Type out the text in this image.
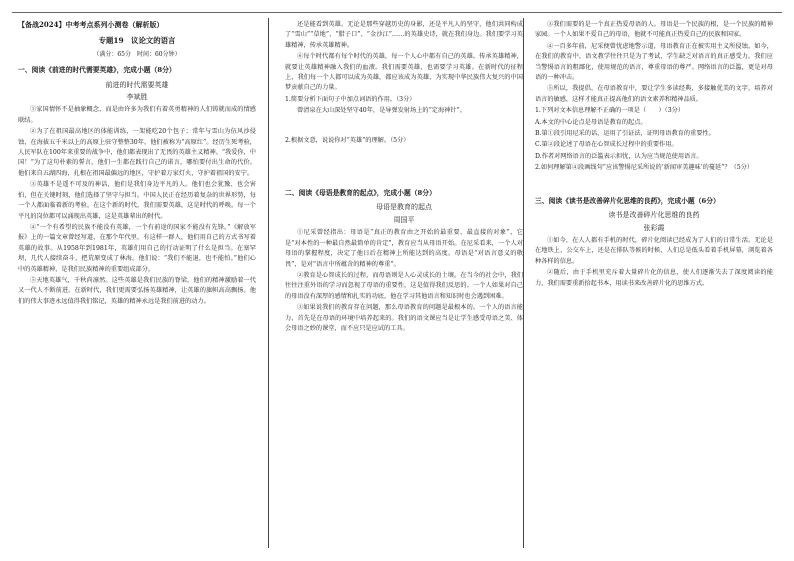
【备战2024】中考考点系列小测卷（解析版）
专题19　议论文的语言
（满分：65分　时间：60分钟）
一、阅读《前进的时代需要英雄》，完成小题（8分）
前进的时代需要英雄
李斌胜
①家国情怀不是抽象概念，而是由许多为我们有着英勇精神的人们铸就而成的情感联结。
②为了在祖国最高地区的体能训练，一架能吃20个包子；常年与雪山为伍风沙侵蚀，在海拔五千米以上的高原上驻守整整30年，他们被称为“高原红”。经历生死考验，人民军队在100年来重要的战争中，他们都表现出了无畏的英雄主义精神。“我爱你，中国！”为了这句朴素的誓言，他们一生都在践行自己的诺言，哪怕要付出生命的代价。他们来自五湖四海，扎根在祖国最偏远的地区，守护着万家灯火，守护着祖国的安宁。
③英雄不是遥不可及的神话，他们是我们身边平凡的人。他们也会犹豫、也会害怕，但在关键时刻，他们选择了坚守与担当。中国人民正在经历着复杂的世界形势，每一个人都面临着新的考验。在这个新的时代，我们需要英雄，这是时代的呼唤。每一个平凡的岗位都可以涌现出英雄，这是英雄辈出的时代。
④“一个有希望的民族不能没有英雄，一个有前途的国家不能没有先锋。”《解放军报》上的一篇文章曾经写道，在那个年代里，有这样一群人，他们用自己的方式书写着英雄的故事。从1958年到1981年，英雄们用自己的行动证明了什么是担当。在塞罕坝，几代人接续奋斗，把荒原变成了林海。他们说：“我们不能退，也不能怕。”他们心中的英雄精神，是我们民族精神的重要组成部分。
⑤天地英雄气，千秋尚凛然。这些英雄是我们民族的脊梁，他们的精神激励着一代又一代人不断前进。在新时代，我们更需要弘扬英雄精神，让英雄的旗帜高高飘扬。他们的伟大事迹永远值得我们铭记，英雄的精神永远是我们前进的动力。
还是能看到英雄。无论是那些穿越历史的身影，还是平凡人的坚守，他们共同构成了“雪山”“草地”、“腊子口”、“金沙江”……的英雄史诗，就在我们身边。我们要学习英雄精神，传承英雄精神。
⑥每个时代都有每个时代的英雄，每一个人心中都有自己的英雄。传承英雄精神，就要让英雄精神融入我们的血液。我们需要英雄，也需要学习英雄。在新时代的征程上，我们每一个人都可以成为英雄，都应该成为英雄，为实现中华民族伟大复兴的中国梦贡献自己的力量。
1.简要分析下面句子中加点词语的作用。（3分）
曾清泉在大山深处坚守40年，是导弹发射场上的“定海神针”。
2.根据文意，说说你对“英雄”的理解。（5分）
二、阅读《母语是教育的起点》，完成小题（8分）
母语是教育的起点
周国平
①尼采曾经指出：母语是“真正的教育由之开始的最重要、最直接的对象”，它是“对本性的一种最自然最简单的肯定”，教育应当从母语开始。在尼采看来，一个人对母语的掌握程度，决定了他日后在精神上所能达到的高度。母语是“对语言意义的敬畏”，是对“语言中所蕴含的精神的尊重”。
②教育是心智成长的过程，而母语则是人心灵成长的土壤。在当今的社会中，我们往往注重外语的学习而忽视了母语的重要性，这是值得我们反思的。一个人如果对自己的母语没有深厚的感情和扎实的功底，他在学习其他语言和知识时也会遇到困难。
③如果说我们的教育存在问题，那么母语教育的问题是最根本的。一个人的语言能力，首先是在母语的环境中培养起来的。我们的语文课应当是让学生感受母语之美、体会母语之妙的课堂，而不应只是应试的工具。
③我们需要的是一个真正热爱母语的人。母语是一个民族的根，是一个民族的精神家园。一个人如果不爱自己的母语，他就不可能真正热爱自己的民族和国家。
④一百多年前，尼采便曾忧虑地警示道，母语教育正在被实用主义所侵蚀。如今，在我们的教育中，语文教学往往只是为了考试，学生缺乏对语言的真正感受力。我们应当警惕语言的粗鄙化，使用规范的语言，尊重母语的尊严。网络语言的泛滥，更是对母语的一种冲击。
⑤所以，我提倡，在母语教育中，要让学生多读经典，多接触优美的文字，培养对语言的敏感，这样才能真正提高他们的语文素养和精神品质。
1.下列对文本信息理解不正确的一项是（　　）（3分）
A.本文的中心论点是母语是教育的起点。
B.第①段引用尼采的话，运用了引证法，证明母语教育的重要性。
C.第②段论述了母语在心智成长过程中的重要作用。
D.作者对网络语言的泛滥表示担忧，认为应当规范使用语言。
2.如何理解第④段画线句“应该警惕尼采所说的‘新闻审美趣味’的蔓延”？（5分）
三、阅读《读书是改善碎片化思维的良药》，完成小题（6分）
读书是改善碎片化思维的良药
张彩霞
①如今，在人人都有手机的时代，碎片化阅读已经成为了人们的日常生活。无论是在地铁上、公交车上，还是在排队等候的时候，人们总是低头看着手机屏幕，浏览着各种各样的信息。
②随后，由于手机里充斥着大量碎片化的信息，使人们逐渐失去了深度阅读的能力，我们需要重新拾起书本，用读书来改善碎片化的思维方式。
